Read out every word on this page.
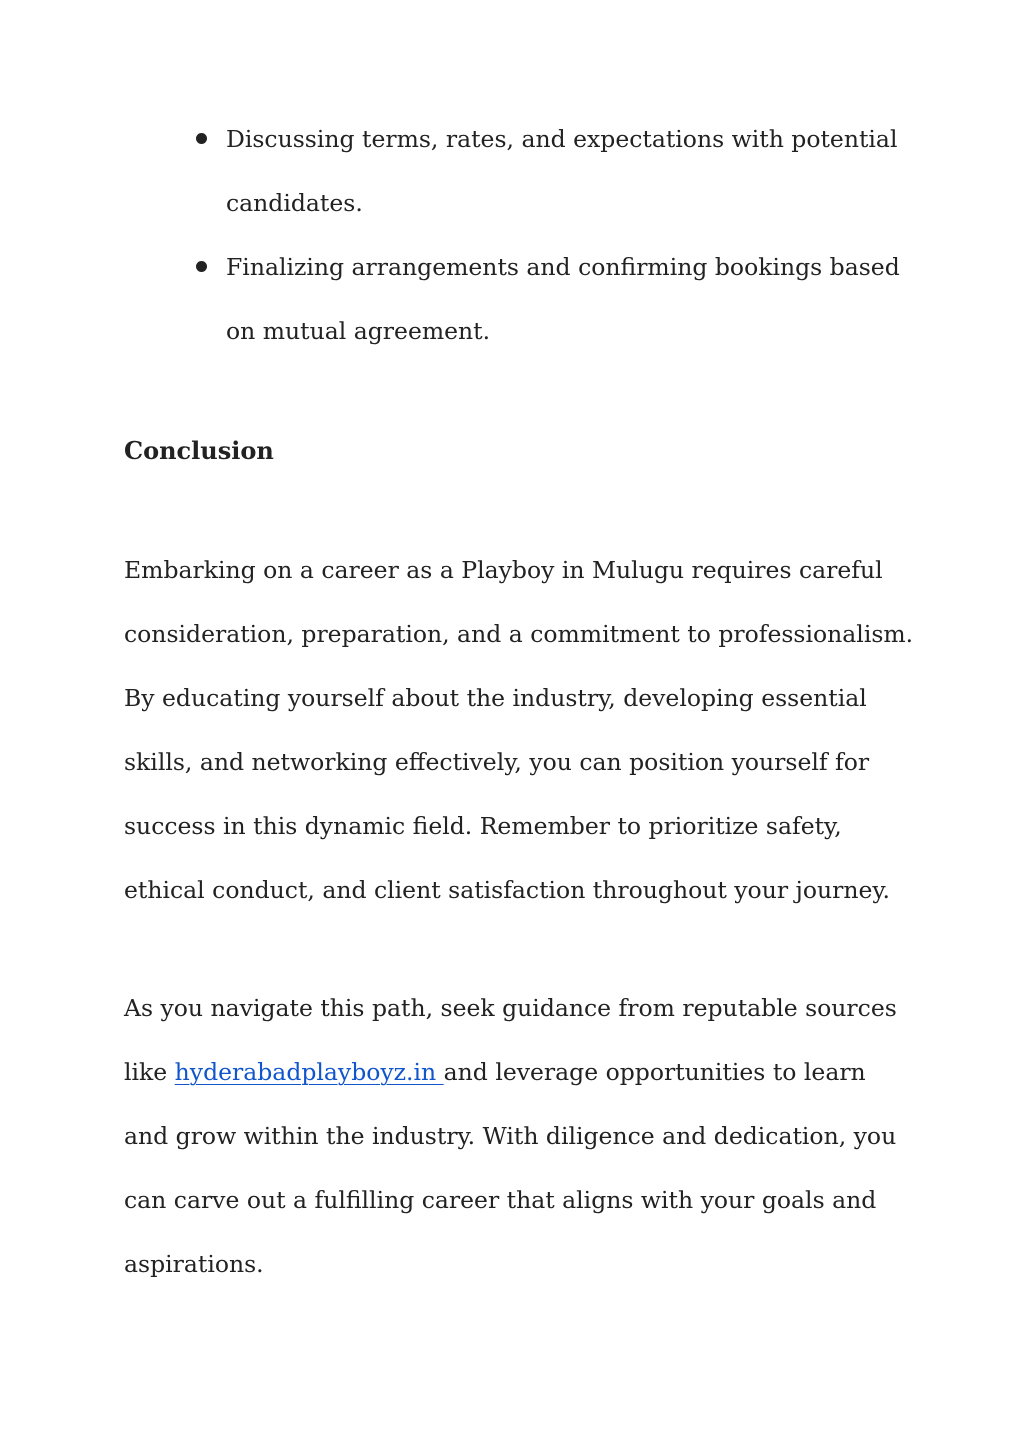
Discussing terms, rates, and expectations with potential candidates.
Finalizing arrangements and confirming bookings based on mutual agreement.
Conclusion

Embarking on a career as a Playboy in Mulugu requires careful consideration, preparation, and a commitment to professionalism. By educating yourself about the industry, developing essential skills, and networking effectively, you can position yourself for success in this dynamic field. Remember to prioritize safety, ethical conduct, and client satisfaction throughout your journey.

As you navigate this path, seek guidance from reputable sources like hyderabadplayboyz.in and leverage opportunities to learn and grow within the industry. With diligence and dedication, you can carve out a fulfilling career that aligns with your goals and aspirations.
